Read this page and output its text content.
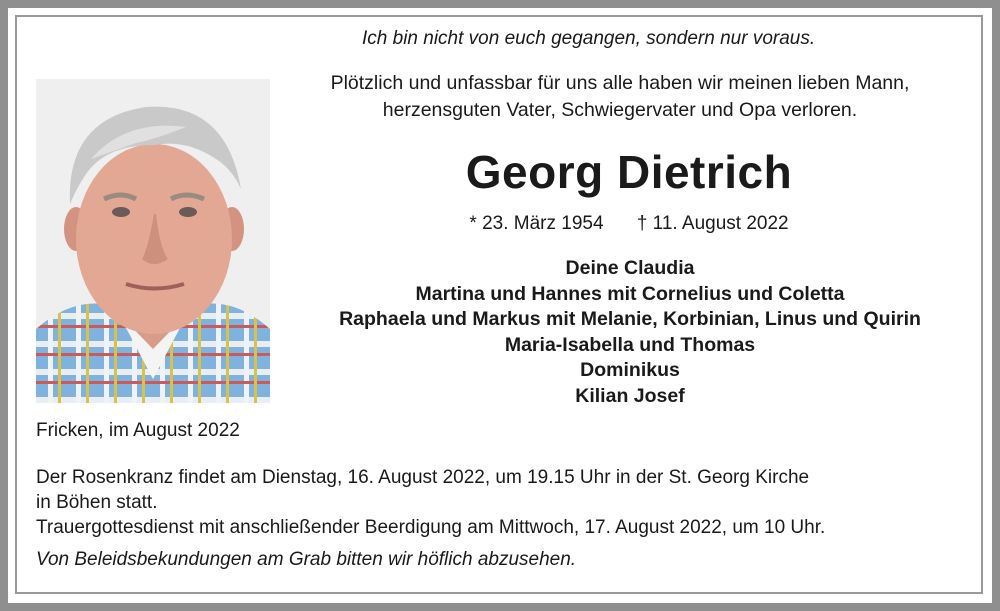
Ich bin nicht von euch gegangen, sondern nur voraus.
Plötzlich und unfassbar für uns alle haben wir meinen lieben Mann,
herzensguten Vater, Schwiegervater und Opa verloren.
Georg Dietrich
* 23. März 1954 † 11. August 2022
Deine Claudia
Martina und Hannes mit Cornelius und Coletta
Raphaela und Markus mit Melanie, Korbinian, Linus und Quirin
Maria-Isabella und Thomas
Dominikus
Kilian Josef
Fricken, im August 2022
Der Rosenkranz findet am Dienstag, 16. August 2022, um 19.15 Uhr in der St. Georg Kirche
in Böhen statt.
Trauergottesdienst mit anschließender Beerdigung am Mittwoch, 17. August 2022, um 10 Uhr.
Von Beleidsbekundungen am Grab bitten wir höflich abzusehen.
